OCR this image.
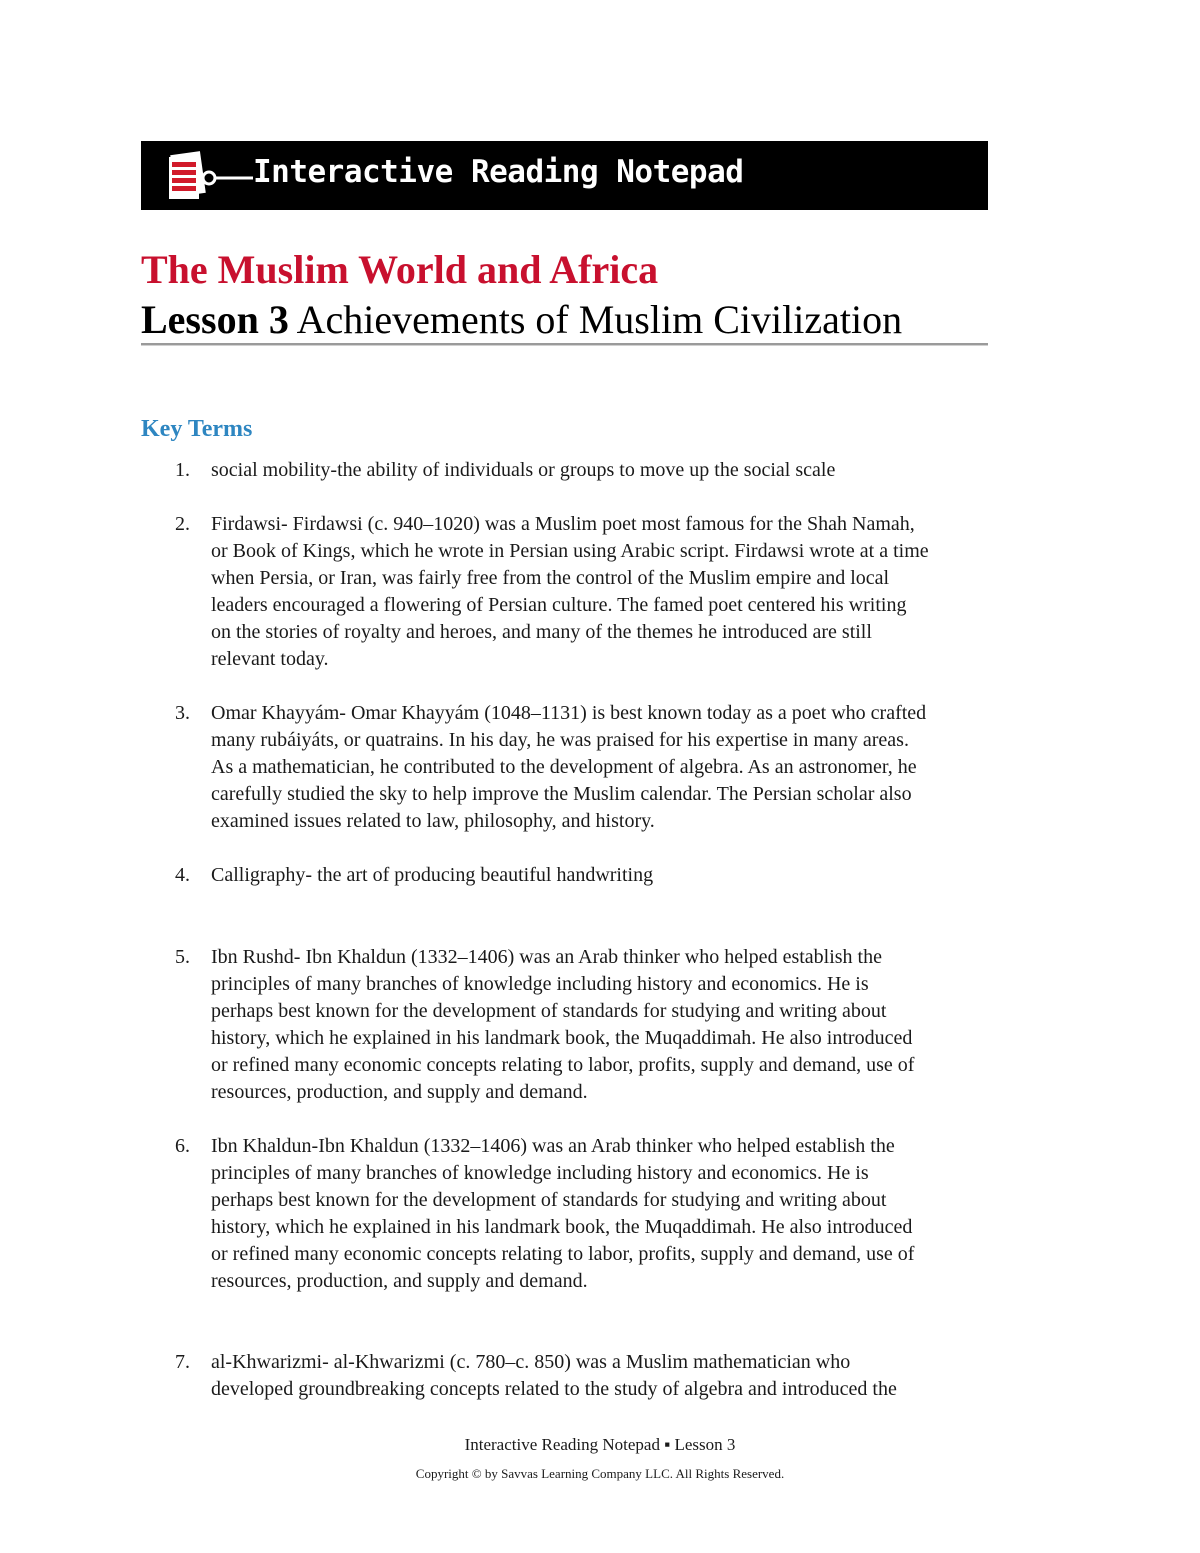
Interactive Reading Notepad
The Muslim World and Africa
Lesson 3 Achievements of Muslim Civilization
Key Terms
1. social mobility-the ability of individuals or groups to move up the social scale
2. Firdawsi- Firdawsi (c. 940–1020) was a Muslim poet most famous for the Shah Namah,
or Book of Kings, which he wrote in Persian using Arabic script. Firdawsi wrote at a time
when Persia, or Iran, was fairly free from the control of the Muslim empire and local
leaders encouraged a flowering of Persian culture. The famed poet centered his writing
on the stories of royalty and heroes, and many of the themes he introduced are still
relevant today.
3. Omar Khayyám- Omar Khayyám (1048–1131) is best known today as a poet who crafted
many rubáiyáts, or quatrains. In his day, he was praised for his expertise in many areas.
As a mathematician, he contributed to the development of algebra. As an astronomer, he
carefully studied the sky to help improve the Muslim calendar. The Persian scholar also
examined issues related to law, philosophy, and history.
4. Calligraphy- the art of producing beautiful handwriting
5. Ibn Rushd- Ibn Khaldun (1332–1406) was an Arab thinker who helped establish the
principles of many branches of knowledge including history and economics. He is
perhaps best known for the development of standards for studying and writing about
history, which he explained in his landmark book, the Muqaddimah. He also introduced
or refined many economic concepts relating to labor, profits, supply and demand, use of
resources, production, and supply and demand.
6. Ibn Khaldun-Ibn Khaldun (1332–1406) was an Arab thinker who helped establish the
principles of many branches of knowledge including history and economics. He is
perhaps best known for the development of standards for studying and writing about
history, which he explained in his landmark book, the Muqaddimah. He also introduced
or refined many economic concepts relating to labor, profits, supply and demand, use of
resources, production, and supply and demand.
7. al-Khwarizmi- al-Khwarizmi (c. 780–c. 850) was a Muslim mathematician who
developed groundbreaking concepts related to the study of algebra and introduced the
Interactive Reading Notepad ▪ Lesson 3
Copyright © by Savvas Learning Company LLC. All Rights Reserved.
